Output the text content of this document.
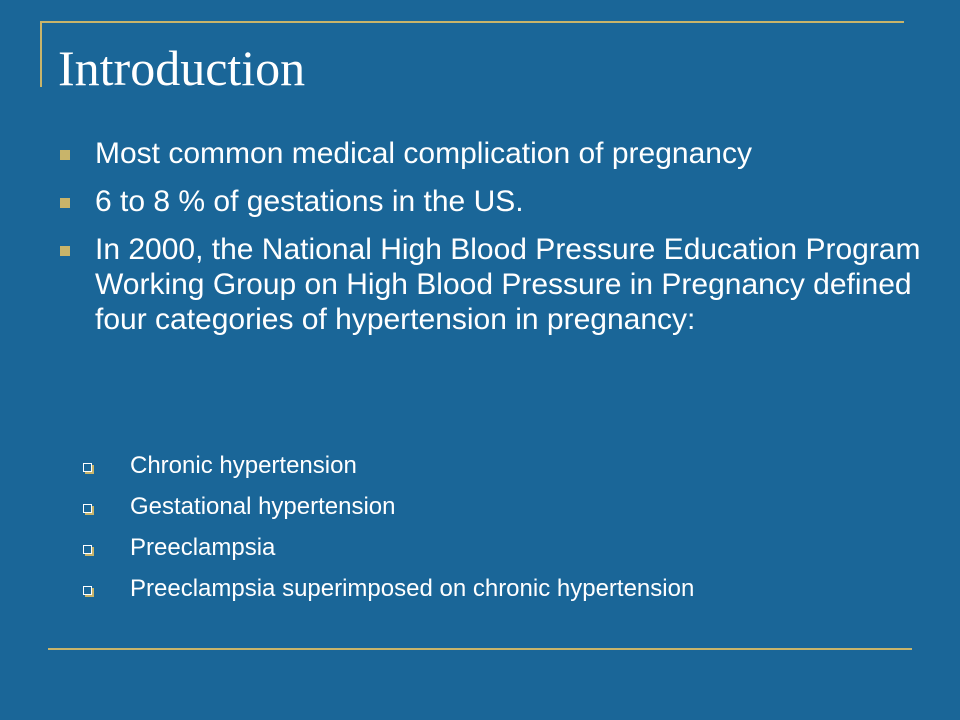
Introduction
Most common medical complication of pregnancy
6 to 8 % of gestations in the US.
In 2000, the National High Blood Pressure Education Program Working Group on High Blood Pressure in Pregnancy defined four categories of hypertension in pregnancy:
Chronic hypertension
Gestational hypertension
Preeclampsia
Preeclampsia superimposed on chronic hypertension
